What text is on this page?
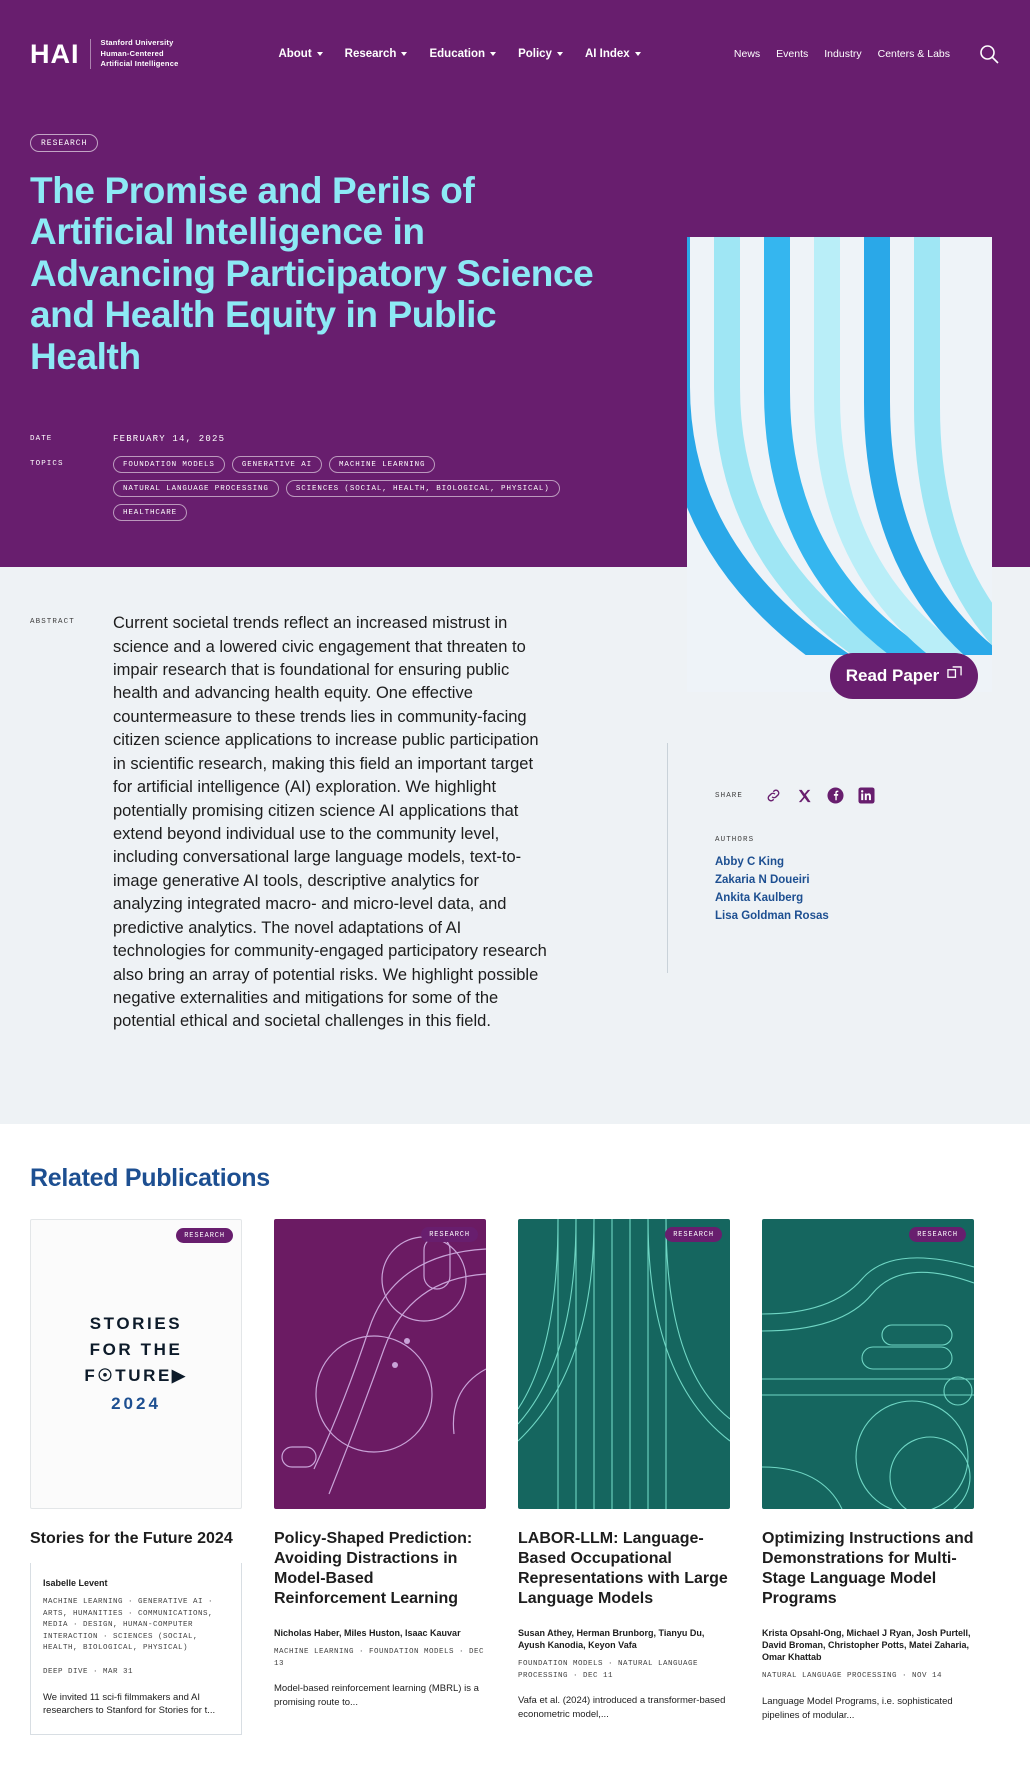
HAI	Stanford University
Human-Centered
Artificial Intelligence
About	Research	Education	Policy	AI Index	News Events Industry Centers & Labs
RESEARCH
The Promise and Perils of Artificial Intelligence in Advancing Participatory Science and Health Equity in Public Health
DATE	FEBRUARY 14, 2025
TOPICS	FOUNDATION MODELS	GENERATIVE AI	MACHINE LEARNING
NATURAL LANGUAGE PROCESSING	SCIENCES (SOCIAL, HEALTH, BIOLOGICAL, PHYSICAL)
HEALTHCARE
ABSTRACT	Current societal trends reflect an increased mistrust in science and a lowered civic engagement that threaten to impair research that is foundational for ensuring public health and advancing health equity. One effective countermeasure to these trends lies in community-facing citizen science applications to increase public participation in scientific research, making this field an important target for artificial intelligence (AI) exploration. We highlight potentially promising citizen science AI applications that extend beyond individual use to the community level, including conversational large language models, text-to-image generative AI tools, descriptive analytics for analyzing integrated macro- and micro-level data, and predictive analytics. The novel adaptations of AI technologies for community-engaged participatory research also bring an array of potential risks. We highlight possible negative externalities and mitigations for some of the potential ethical and societal challenges in this field.
Read Paper
SHARE
AUTHORS
Abby C King
Zakaria N Doueiri
Ankita Kaulberg
Lisa Goldman Rosas
Related Publications
RESEARCH
STORIES
FOR THE
F☉TURE▶
2024
Stories for the Future 2024
Isabelle Levent
MACHINE LEARNING · GENERATIVE AI · ARTS, HUMANITIES · COMMUNICATIONS, MEDIA · DESIGN, HUMAN-COMPUTER INTERACTION · SCIENCES (SOCIAL, HEALTH, BIOLOGICAL, PHYSICAL)
DEEP DIVE · MAR 31
We invited 11 sci-fi filmmakers and AI researchers to Stanford for Stories for t...
RESEARCH
Policy-Shaped Prediction: Avoiding Distractions in Model-Based Reinforcement Learning
Nicholas Haber, Miles Huston, Isaac Kauvar
MACHINE LEARNING · FOUNDATION MODELS · DEC 13
Model-based reinforcement learning (MBRL) is a promising route to...
RESEARCH
LABOR-LLM: Language-Based Occupational Representations with Large Language Models
Susan Athey, Herman Brunborg, Tianyu Du, Ayush Kanodia, Keyon Vafa
FOUNDATION MODELS · NATURAL LANGUAGE PROCESSING · DEC 11
Vafa et al. (2024) introduced a transformer-based econometric model,...
RESEARCH
Optimizing Instructions and Demonstrations for Multi-Stage Language Model Programs
Krista Opsahl-Ong, Michael J Ryan, Josh Purtell, David Broman, Christopher Potts, Matei Zaharia, Omar Khattab
NATURAL LANGUAGE PROCESSING · NOV 14
Language Model Programs, i.e. sophisticated pipelines of modular...
